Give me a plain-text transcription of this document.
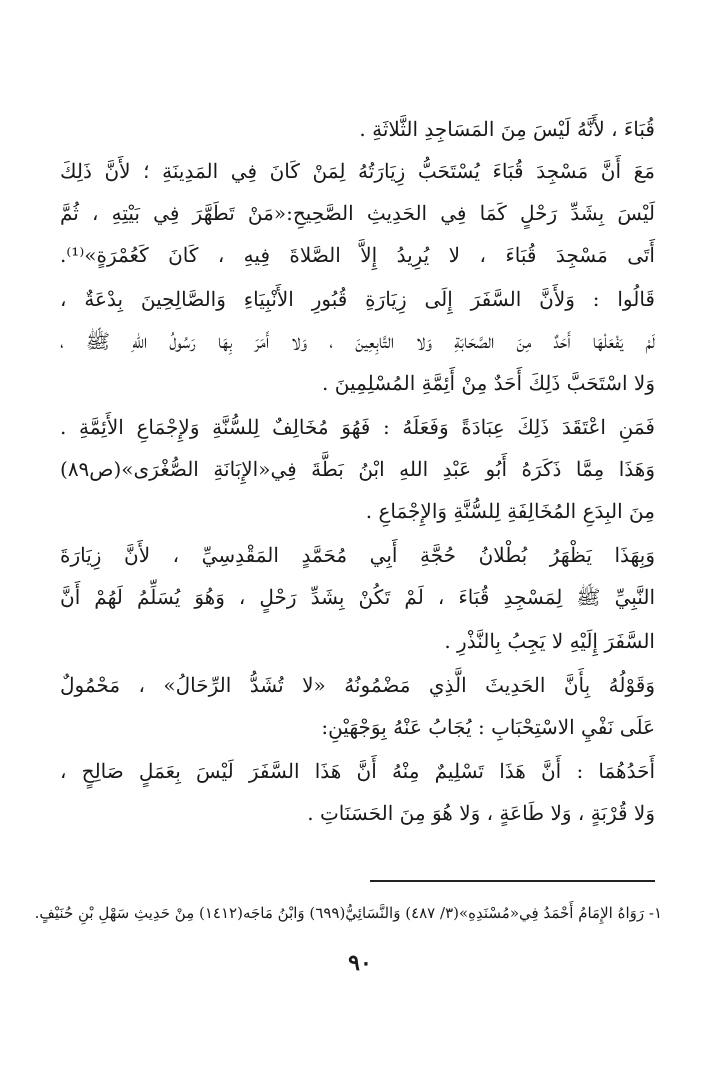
قُبَاءَ ، لأَنَّهُ لَيْسَ مِنَ المَسَاجِدِ الثَّلاثَةِ .
مَعَ أَنَّ مَسْجِدَ قُبَاءَ يُسْتَحَبُّ زِيَارَتُهُ لِمَنْ كَانَ فِي المَدِينَةِ ؛ لأَنَّ ذَلِكَ
لَيْسَ بِشَدِّ رَحْلٍ كَمَا فِي الحَدِيثِ الصَّحِيحِ:«مَنْ تَطَهَّرَ فِي بَيْتِهِ ، ثُمَّ
أَتَى مَسْجِدَ قُبَاءَ ، لا يُرِيدُ إِلاَّ الصَّلاةَ فِيهِ ، كَانَ كَعُمْرَةٍ»⁽¹⁾.
قَالُوا : وَلأَنَّ السَّفَرَ إِلَى زِيَارَةِ قُبُورِ الأَنْبِيَاءِ وَالصَّالِحِينَ بِدْعَةٌ ،
لَمْ يَفْعَلْهَا أَحَدٌ مِنَ الصَّحَابَةِ وَلا التَّابِعِينَ ، وَلا أَمَرَ بِهَا رَسُولُ اللهِ ﷺ ،
وَلا اسْتَحَبَّ ذَلِكَ أَحَدٌ مِنْ أَئِمَّةِ المُسْلِمِينَ .
فَمَنِ اعْتَقَدَ ذَلِكَ عِبَادَةً وَفَعَلَهُ : فَهُوَ مُخَالِفٌ لِلسُّنَّةِ وَلإِجْمَاعِ الأَئِمَّةِ .
وَهَذَا مِمَّا ذَكَرَهُ أَبُو عَبْدِ اللهِ ابْنُ بَطَّةَ فِي«الإِبَانَةِ الصُّغْرَى»(ص٨٩)
مِنَ البِدَعِ المُخَالِفَةِ لِلسُّنَّةِ وَالإِجْمَاعِ .
وَبِهَذَا يَظْهَرُ بُطْلانُ حُجَّةِ أَبِي مُحَمَّدٍ المَقْدِسِيِّ ، لأَنَّ زِيَارَةَ
النَّبِيِّ ﷺ لِمَسْجِدِ قُبَاءَ ، لَمْ تَكُنْ بِشَدِّ رَحْلٍ ، وَهُوَ يُسَلِّمُ لَهُمْ أَنَّ
السَّفَرَ إِلَيْهِ لا يَجِبُ بِالنَّذْرِ .
وَقَوْلُهُ بِأَنَّ الحَدِيثَ الَّذِي مَضْمُونُهُ «لا تُشَدُّ الرِّحَالُ» ، مَحْمُولٌ
عَلَى نَفْيِ الاسْتِحْبَابِ : يُجَابُ عَنْهُ بِوَجْهَيْنِ:
أَحَدُهُمَا : أَنَّ هَذَا تَسْلِيمٌ مِنْهُ أَنَّ هَذَا السَّفَرَ لَيْسَ بِعَمَلٍ صَالِحٍ ،
وَلا قُرْبَةٍ ، وَلا طَاعَةٍ ، وَلا هُوَ مِنَ الحَسَنَاتِ .
١- رَوَاهُ الإِمَامُ أَحْمَدُ فِي«مُسْنَدِهِ»(٣/ ٤٨٧) وَالنَّسَائِيُّ(٦٩٩) وَابْنُ مَاجَه(١٤١٢) مِنْ حَدِيثِ سَهْلِ بْنِ حُنَيْفٍ.
٩٠
